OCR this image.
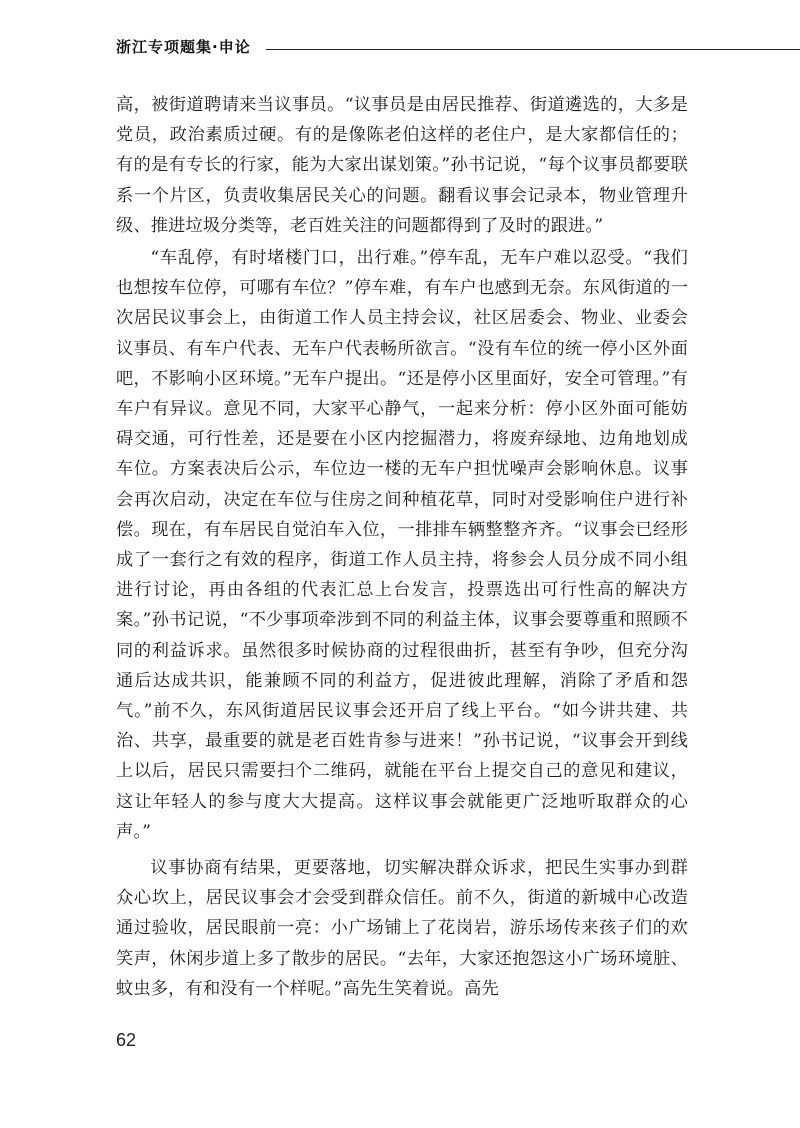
浙江专项题集·申论

高，被街道聘请来当议事员。“议事员是由居民推荐、街道遴选的，大多是党员，政治素质过硬。有的是像陈老伯这样的老住户，是大家都信任的；有的是有专长的行家，能为大家出谋划策。”孙书记说，“每个议事员都要联系一个片区，负责收集居民关心的问题。翻看议事会记录本，物业管理升级、推进垃圾分类等，老百姓关注的问题都得到了及时的跟进。”

“车乱停，有时堵楼门口，出行难。”停车乱，无车户难以忍受。“我们也想按车位停，可哪有车位？”停车难，有车户也感到无奈。东风街道的一次居民议事会上，由街道工作人员主持会议，社区居委会、物业、业委会议事员、有车户代表、无车户代表畅所欲言。“没有车位的统一停小区外面吧，不影响小区环境。”无车户提出。“还是停小区里面好，安全可管理。”有车户有异议。意见不同，大家平心静气，一起来分析：停小区外面可能妨碍交通，可行性差，还是要在小区内挖掘潜力，将废弃绿地、边角地划成车位。方案表决后公示，车位边一楼的无车户担忧噪声会影响休息。议事会再次启动，决定在车位与住房之间种植花草，同时对受影响住户进行补偿。现在，有车居民自觉泊车入位，一排排车辆整整齐齐。“议事会已经形成了一套行之有效的程序，街道工作人员主持，将参会人员分成不同小组进行讨论，再由各组的代表汇总上台发言，投票选出可行性高的解决方案。”孙书记说，“不少事项牵涉到不同的利益主体，议事会要尊重和照顾不同的利益诉求。虽然很多时候协商的过程很曲折，甚至有争吵，但充分沟通后达成共识，能兼顾不同的利益方，促进彼此理解，消除了矛盾和怨气。”前不久，东风街道居民议事会还开启了线上平台。“如今讲共建、共治、共享，最重要的就是老百姓肯参与进来！”孙书记说，“议事会开到线上以后，居民只需要扫个二维码，就能在平台上提交自己的意见和建议，这让年轻人的参与度大大提高。这样议事会就能更广泛地听取群众的心声。”

议事协商有结果，更要落地，切实解决群众诉求，把民生实事办到群众心坎上，居民议事会才会受到群众信任。前不久，街道的新城中心改造通过验收，居民眼前一亮：小广场铺上了花岗岩，游乐场传来孩子们的欢笑声，休闲步道上多了散步的居民。“去年，大家还抱怨这小广场环境脏、蚊虫多，有和没有一个样呢。”高先生笑着说。高先

62
